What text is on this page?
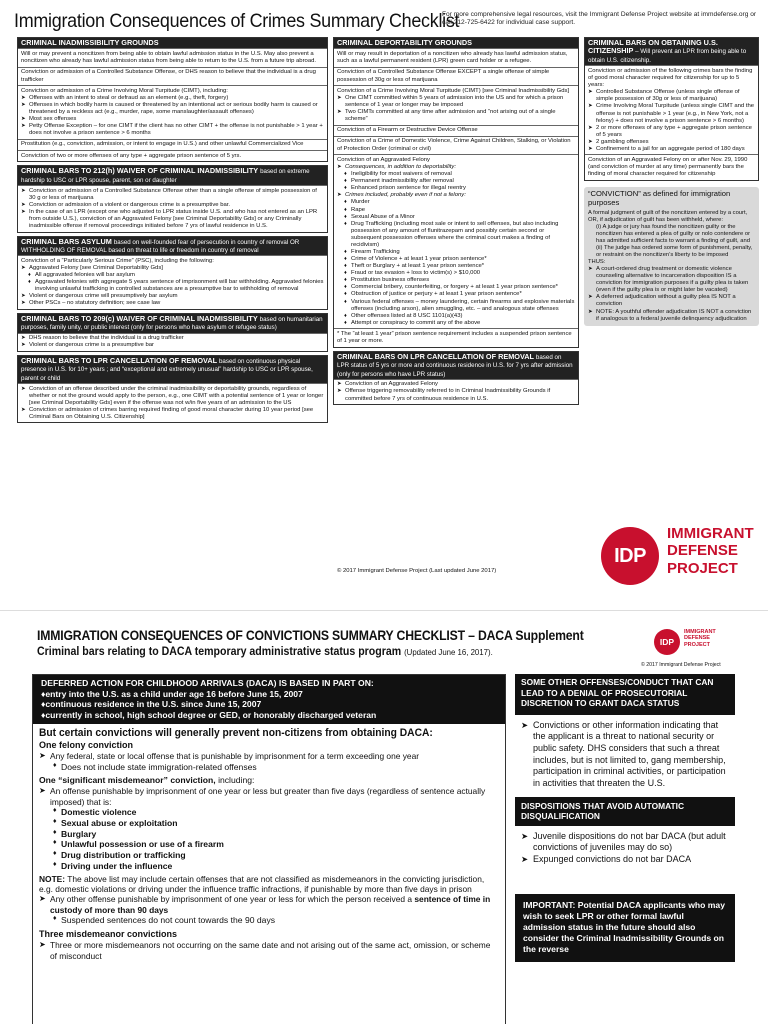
Immigration Consequences of Crimes Summary Checklist
For more comprehensive legal resources, visit the Immigrant Defense Project website at immdefense.org or call 212-725-6422 for individual case support.
CRIMINAL INADMISSIBILITY GROUNDS
Will or may prevent a noncitizen from being able to obtain lawful admission status in the U.S. May also prevent a noncitizen who already has lawful admission status from being able to return to the U.S. from a future trip abroad.
Conviction or admission of a Controlled Substance Offense, or DHS reason to believe that the individual is a drug trafficker
Conviction or admission of a Crime Involving Moral Turpitude (CIMT), including:
➤ Offenses with an intent to steal or defraud as an element (e.g., theft, forgery)
➤ Offenses in which bodily harm is caused or threatened by an intentional act or serious bodily harm is caused or threatened by a reckless act (e.g., murder, rape, some manslaughter/assault offenses)
➤ Most sex offenses
➤ Petty Offense Exception – for one CIMT if the client has no other CIMT + the offense is not punishable > 1 year + does not involve a prison sentence > 6 months
Prostitution (e.g., conviction, admission, or intent to engage in U.S.) and other unlawful Commercialized Vice
Conviction of two or more offenses of any type + aggregate prison sentence of 5 yrs.
CRIMINAL BARS TO 212(h) WAIVER OF CRIMINAL INADMISSIBILITY based on extreme hardship to USC or LPR spouse, parent, son or daughter
➤ Conviction or admission of a Controlled Substance Offense other than a single offense of simple possession of 30 g or less of marijuana
➤ Conviction or admission of a violent or dangerous crime is a presumptive bar.
➤ In the case of an LPR (except one who adjusted to LPR status inside U.S. and who has not entered as an LPR from outside U.S.), conviction of an Aggravated Felony [see Criminal Deportability Gds] or any Criminally inadmissible offense if removal proceedings initiated before 7 yrs of lawful residence in U.S.
CRIMINAL BARS ASYLUM based on well-founded fear of persecution in country of removal OR WITHHOLDING OF REMOVAL based on threat to life or freedom in country of removal
Conviction of a “Particularly Serious Crime” (PSC), including the following:
➤ Aggravated Felony [see Criminal Deportability Gds]
♦ All aggravated felonies will bar asylum
♦ Aggravated felonies with aggregate 5 years sentence of imprisonment will bar withholding. Aggravated felonies involving unlawful trafficking in controlled substances are a presumptive bar to withholding of removal
➤ Violent or dangerous crime will presumptively bar asylum
➤ Other PSCs – no statutory definition; see case law
CRIMINAL BARS TO 209(c) WAIVER OF CRIMINAL INADMISSIBILITY based on humanitarian purposes, family unity, or public interest (only for persons who have asylum or refugee status)
➤ DHS reason to believe that the individual is a drug trafficker
➤ Violent or dangerous crime is a presumptive bar
CRIMINAL BARS TO LPR CANCELLATION OF REMOVAL based on continuous physical presence in U.S. for 10+ years ; and “exceptional and extremely unusual” hardship to USC or LPR spouse, parent or child
➤ Conviction of an offense described under the criminal inadmissibility or deportability grounds, regardless of whether or not the ground would apply to the person, e.g., one CIMT with a potential sentence of 1 year or longer [see Criminal Deportability Gds] even if the offense was not w/in five years of an admission to the US
➤ Conviction or admission of crimes barring required finding of good moral character during 10 year period [see Criminal Bars on Obtaining U.S. Citizenship]
CRIMINAL DEPORTABILITY GROUNDS
Will or may result in deportation of a noncitizen who already has lawful admission status, such as a lawful permanent resident (LPR) green card holder or a refugee.
Conviction of a Controlled Substance Offense EXCEPT a single offense of simple possession of 30g or less of marijuana
Conviction of a Crime Involving Moral Turpitude (CIMT) [see Criminal Inadmissibility Gds]
➤ One CIMT committed within 5 years of admission into the US and for which a prison sentence of 1 year or longer may be imposed
➤ Two CIMTs committed at any time after admission and “not arising out of a single scheme”
Conviction of a Firearm or Destructive Device Offense
Conviction of a Crime of Domestic Violence, Crime Against Children, Stalking, or Violation of Protection Order (criminal or civil)
Conviction of an Aggravated Felony
➤ Consequences, in addition to deportability:
♦ Ineligibility for most waivers of removal
♦ Permanent inadmissibility after removal
♦ Enhanced prison sentence for illegal reentry
➤ Crimes included, probably even if not a felony:
♦ Murder
♦ Rape
♦ Sexual Abuse of a Minor
♦ Drug Trafficking (including most sale or intent to sell offenses, but also including possession of any amount of flunitrazepam and possibly certain second or subsequent possession offenses where the criminal court makes a finding of recidivism)
♦ Firearm Trafficking
♦ Crime of Violence + at least 1 year prison sentence*
♦ Theft or Burglary + at least 1 year prison sentence*
♦ Fraud or tax evasion + loss to victim(s) > $10,000
♦ Prostitution business offenses
♦ Commercial bribery, counterfeiting, or forgery + at least 1 year prison sentence*
♦ Obstruction of justice or perjury + at least 1 year prison sentence*
♦ Various federal offenses – money laundering, certain firearms and explosive materials offenses (including arson), alien smuggling, etc. – and analogous state offenses
♦ Other offenses listed at 8 USC 1101(a)(43)
♦ Attempt or conspiracy to commit any of the above
* The “at least 1 year” prison sentence requirement includes a suspended prison sentence of 1 year or more.
CRIMINAL BARS ON LPR CANCELLATION OF REMOVAL based on LPR status of 5 yrs or more and continuous residence in U.S. for 7 yrs after admission (only for persons who have LPR status)
➤ Conviction of an Aggravated Felony
➤ Offense triggering removability referred to in Criminal Inadmissibility Grounds if committed before 7 yrs of continuous residence in U.S.
CRIMINAL BARS ON OBTAINING U.S. CITIZENSHIP – Will prevent an LPR from being able to obtain U.S. citizenship.
Conviction or admission of the following crimes bars the finding of good moral character required for citizenship for up to 5 years:
➤ Controlled Substance Offense (unless single offense of simple possession of 30g or less of marijuana)
➤ Crime Involving Moral Turpitude (unless single CIMT and the offense is not punishable > 1 year (e.g., in New York, not a felony) + does not involve a prison sentence > 6 months)
➤ 2 or more offenses of any type + aggregate prison sentence of 5 years
➤ 2 gambling offenses
➤ Confinement to a jail for an aggregate period of 180 days
Conviction of an Aggravated Felony on or after Nov. 29, 1990 (and conviction of murder at any time) permanently bars the finding of moral character required for citizenship
“CONVICTION” as defined for immigration purposes
A formal judgment of guilt of the noncitizen entered by a court, OR, if adjudication of guilt has been withheld, where:
(i) A judge or jury has found the noncitizen guilty or the noncitizen has entered a plea of guilty or nolo contendere or has admitted sufficient facts to warrant a finding of guilt, and
(ii) The judge has ordered some form of punishment, penalty, or restraint on the noncitizen’s liberty to be imposed
THUS:
➤ A court-ordered drug treatment or domestic violence counseling alternative to incarceration disposition IS a conviction for immigration purposes if a guilty plea is taken (even if the guilty plea is or might later be vacated)
➤ A deferred adjudication without a guilty plea IS NOT a conviction
➤ NOTE: A youthful offender adjudication IS NOT a conviction if analogous to a federal juvenile delinquency adjudication
IDP
IMMIGRANT
DEFENSE
PROJECT
© 2017 Immigrant Defense Project (Last updated June 2017)
IMMIGRATION CONSEQUENCES OF CONVICTIONS SUMMARY CHECKLIST – DACA Supplement
Criminal bars relating to DACA temporary administrative status program (Updated June 16, 2017).
IDP
IMMIGRANT
DEFENSE
PROJECT
© 2017 Immigrant Defense Project
DEFERRED ACTION FOR CHILDHOOD ARRIVALS (DACA) IS BASED IN PART ON:
♦entry into the U.S. as a child under age 16 before June 15, 2007
♦continuous residence in the U.S. since June 15, 2007
♦currently in school, high school degree or GED, or honorably discharged veteran
But certain convictions will generally prevent non-citizens from obtaining DACA:
One felony conviction
➤ Any federal, state or local offense that is punishable by imprisonment for a term exceeding one year
♦ Does not include state immigration-related offenses
One “significant misdemeanor” conviction, including:
➤ An offense punishable by imprisonment of one year or less but greater than five days (regardless of sentence actually imposed) that is:
♦ Domestic violence
♦ Sexual abuse or exploitation
♦ Burglary
♦ Unlawful possession or use of a firearm
♦ Drug distribution or trafficking
♦ Driving under the influence
NOTE: The above list may include certain offenses that are not classified as misdemeanors in the convicting jurisdiction, e.g. domestic violations or driving under the influence traffic infractions, if punishable by more than five days in prison
➤ Any other offense punishable by imprisonment of one year or less for which the person received a sentence of time in custody of more than 90 days
♦ Suspended sentences do not count towards the 90 days
Three misdemeanor convictions
➤ Three or more misdemeanors not occurring on the same date and not arising out of the same act, omission, or scheme of misconduct
SOME OTHER OFFENSES/CONDUCT THAT CAN LEAD TO A DENIAL OF PROSECUTORIAL DISCRETION TO GRANT DACA STATUS
➤ Convictions or other information indicating that the applicant is a threat to national security or public safety. DHS considers that such a threat includes, but is not limited to, gang membership, participation in criminal activities, or participation in activities that threaten the U.S.
DISPOSITIONS THAT AVOID AUTOMATIC DISQUALIFICATION
➤ Juvenile dispositions do not bar DACA (but adult convictions of juveniles may do so)
➤ Expunged convictions do not bar DACA
IMPORTANT: Potential DACA applicants who may wish to seek LPR or other formal lawful admission status in the future should also consider the Criminal Inadmissibility Grounds on the reverse
